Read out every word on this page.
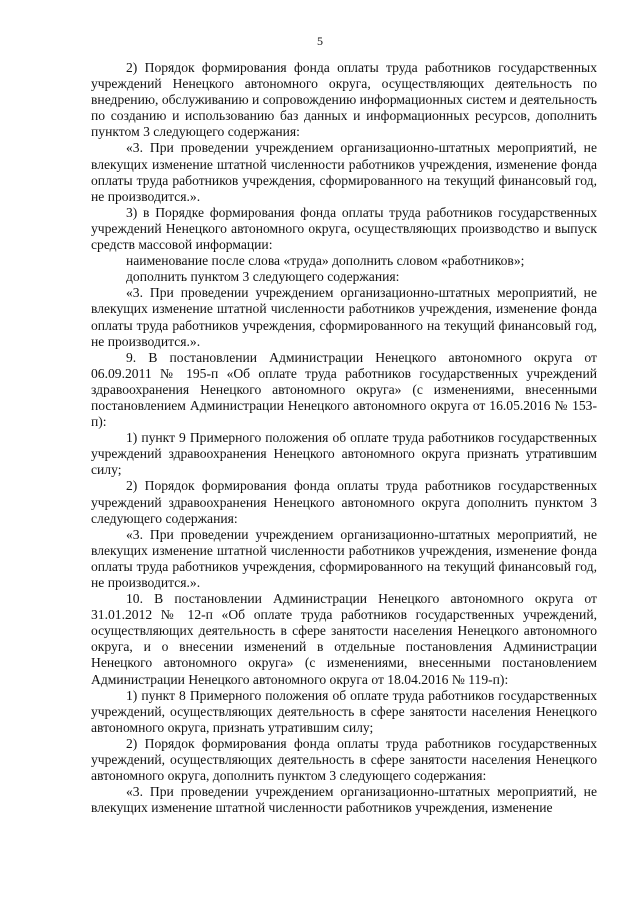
5

2) Порядок формирования фонда оплаты труда работников государственных учреждений Ненецкого автономного округа, осуществляющих деятельность по внедрению, обслуживанию и сопровождению информационных систем и деятельность по созданию и использованию баз данных и информационных ресурсов, дополнить пунктом 3 следующего содержания:

«3. При проведении учреждением организационно-штатных мероприятий, не влекущих изменение штатной численности работников учреждения, изменение фонда оплаты труда работников учреждения, сформированного на текущий финансовый год, не производится.».

3) в Порядке формирования фонда оплаты труда работников государственных учреждений Ненецкого автономного округа, осуществляющих производство и выпуск средств массовой информации:

наименование после слова «труда» дополнить словом «работников»;

дополнить пунктом 3 следующего содержания:

«3. При проведении учреждением организационно-штатных мероприятий, не влекущих изменение штатной численности работников учреждения, изменение фонда оплаты труда работников учреждения, сформированного на текущий финансовый год, не производится.».

9. В постановлении Администрации Ненецкого автономного округа от 06.09.2011 № 195-п «Об оплате труда работников государственных учреждений здравоохранения Ненецкого автономного округа» (с изменениями, внесенными постановлением Администрации Ненецкого автономного округа от 16.05.2016 № 153-п):

1) пункт 9 Примерного положения об оплате труда работников государственных учреждений здравоохранения Ненецкого автономного округа признать утратившим силу;

2) Порядок формирования фонда оплаты труда работников государственных учреждений здравоохранения Ненецкого автономного округа дополнить пунктом 3 следующего содержания:

«3. При проведении учреждением организационно-штатных мероприятий, не влекущих изменение штатной численности работников учреждения, изменение фонда оплаты труда работников учреждения, сформированного на текущий финансовый год, не производится.».

10. В постановлении Администрации Ненецкого автономного округа от 31.01.2012 № 12-п «Об оплате труда работников государственных учреждений, осуществляющих деятельность в сфере занятости населения Ненецкого автономного округа, и о внесении изменений в отдельные постановления Администрации Ненецкого автономного округа» (с изменениями, внесенными постановлением Администрации Ненецкого автономного округа от 18.04.2016 № 119-п):

1) пункт 8 Примерного положения об оплате труда работников государственных учреждений, осуществляющих деятельность в сфере занятости населения Ненецкого автономного округа, признать утратившим силу;

2) Порядок формирования фонда оплаты труда работников государственных учреждений, осуществляющих деятельность в сфере занятости населения Ненецкого автономного округа, дополнить пунктом 3 следующего содержания:

«3. При проведении учреждением организационно-штатных мероприятий, не влекущих изменение штатной численности работников учреждения, изменение
